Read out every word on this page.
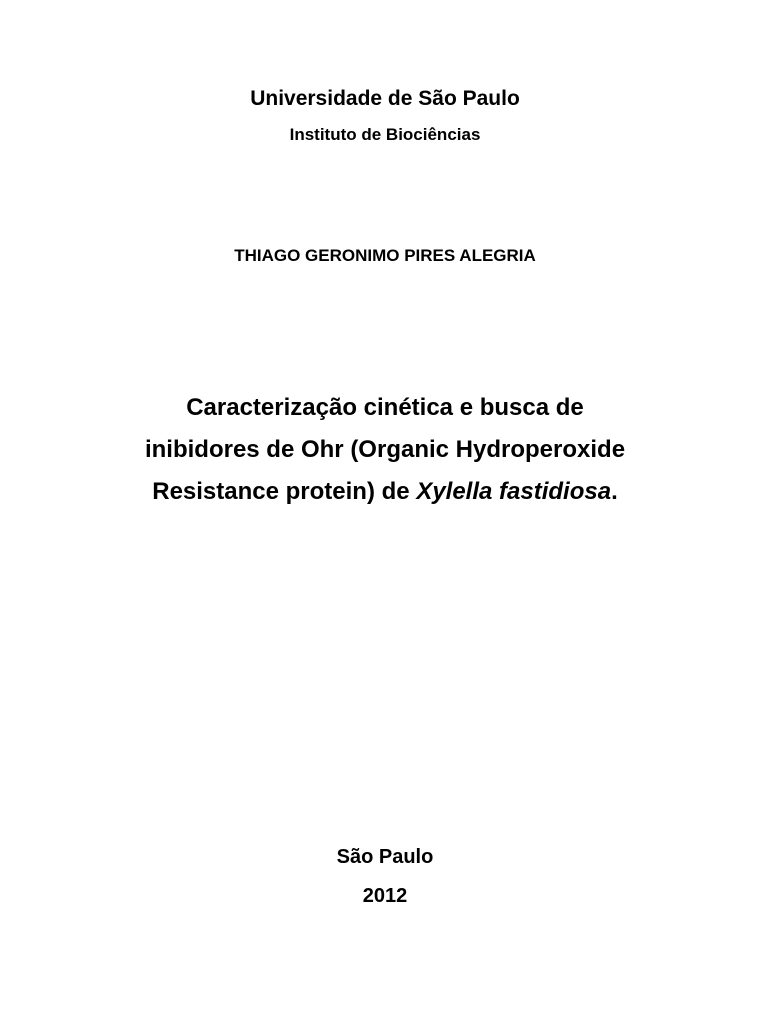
Universidade de São Paulo
Instituto de Biociências
THIAGO GERONIMO PIRES ALEGRIA
Caracterização cinética e busca de
inibidores de Ohr (Organic Hydroperoxide
Resistance protein) de Xylella fastidiosa.
São Paulo
2012
